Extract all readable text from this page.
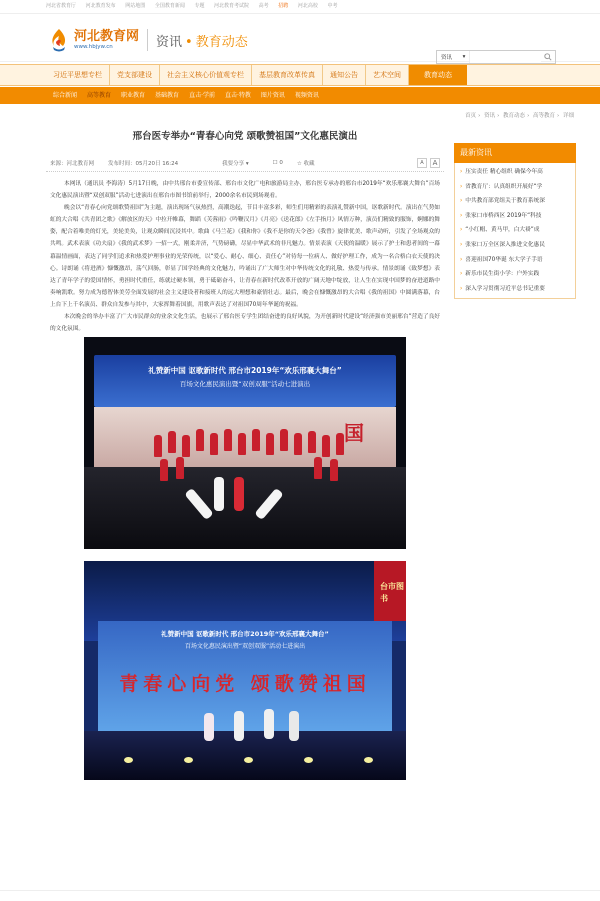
河北省教育厅 河北教育发布 网站地图 全国教育新闻 专题 河北教育考试院 高考 招聘 河北高校 中考
河北教育网
www.hbjyw.cn	资讯 • 教育动态
资讯 ▾
习近平思想专栏	党支部建设	社会主义核心价值观专栏	基层教育改革传真	通知公告	艺术空间	教育动态
综合新闻	高等教育	职业教育	基础教育	直击·学前	直击·特教	图片资讯	视频资讯
首页 › 资讯 › 教育动态 › 高等教育 › 详细
邢台医专举办“青春心向党 颂歌赞祖国”文化惠民演出
来源：河北教育网	发布时间：05月20日 16:24	我要分享 ▾	☐ 0	☆ 收藏	A	A

本网讯（通讯员 李海涛）5月17日晚，由中共邢台市委宣传部、邢台市文化广电和旅游局主办，邢台医专承办的邢台市2019年“欢乐邢襄大舞台”百场文化惠民演出暨“双创双服”活动七进演出在邢台市图书馆前举行，2000余名市民到场观看。

晚会以“青春心向党颂歌赞祖国”为主题，演出现场气氛热烈，高潮迭起，节目丰富多彩，师生们用精彩的表演礼赞新中国，讴歌新时代。演出在气势如虹的大合唱《共青团之歌》《解放区的天》中拉开帷幕，舞蹈《芙蓉雨》《吟鞭汉月》《月亮》《送花郎》《左手指月》风情万种，演员们精致的服饰，婀娜的舞姿，配合着唯美的灯光，美轮美奂，让观众瞬间沉浸其中。歌曲《马兰花》《我和你》《我不是你的天令爸》《我曾》旋律优美、歌声动听，引发了全场观众的共鸣。武术表演《功夫扇》《我的武术梦》一招一式，刚柔并济，气势磅礴，尽显中华武术的非凡魅力。情景表演《天使的温暖》展示了护士和患者间的一幕幕温情画面，表达了同学们追求和热爱护理事业的光荣传统，以“爱心、耐心、细心、责任心”对待每一位病人、做好护理工作，成为一名合格白衣天使的决心。诗朗诵《将进酒》慷慨激昂，荡气回肠，彰显了国学经典的文化魅力，吟诵出了广大师生对中华传统文化的礼敬、热爱与传承。情景朗诵《致梦想》表达了青年学子的爱国情怀，勇担时代重任，练就过硬本领，勇于砥砺奋斗，让青春在新时代改革开放的广阔天地中绽放，让人生在实现中国梦的奋进道路中奏响凯歌。努力成为德智体美劳全面发展的社会主义建设者和接班人的远大理想和豪情壮志。最后，晚会在慷慨激昂的大合唱《我的祖国》中圆满落幕，台上台下上千名演员、群众自发参与其中，大家挥舞着国旗，用歌声表达了对祖国70周年华诞的祝福。

本次晚会的举办丰富了广大市民群众的业余文化生活，也展示了邢台医专学生团结奋进的良好风貌，为开创新时代建设“经济强市美丽邢台”营造了良好的文化氛围。

礼赞新中国 讴歌新时代 邢台市2019年“欢乐邢襄大舞台”
百场文化惠民演出暨“双创双服”活动七进演出
国
台市图书
礼赞新中国 讴歌新时代 邢台市2019年“欢乐邢襄大舞台”
百场文化惠民演出暨“双创双服”活动七进演出
青春心向党 颂歌赞祖国
最新资讯
› 压实责任 精心组织 确保今年高
› 省教育厅：认真组织开展好“学
› 中共教育部党组关于教育系统深
› 张家口市桥西区 2019年“科技
› “小红帽、黄马甲，白大褂”成
› 张家口万全区深入推进文化惠民
› 喜迎祖国70华诞 东大学子手语
› 新乐市民生街小学：户外实践
› 深入学习贯彻习近平总书记重要
